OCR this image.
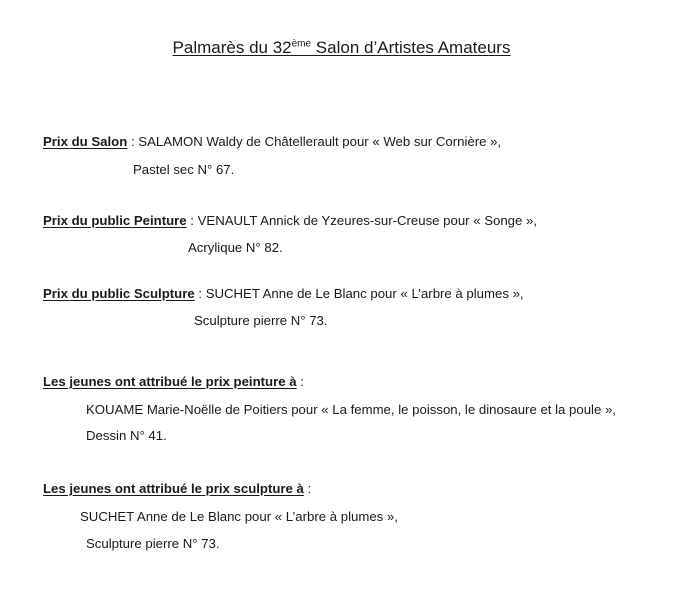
Palmarès du 32ème Salon d’Artistes Amateurs
Prix du Salon : SALAMON Waldy de Châtellerault pour « Web sur Cornière »,
Pastel sec N° 67.
Prix du public Peinture : VENAULT Annick de Yzeures-sur-Creuse pour « Songe »,
Acrylique N° 82.
Prix du public Sculpture : SUCHET Anne de Le Blanc pour « L’arbre à plumes »,
Sculpture pierre N° 73.
Les jeunes ont attribué le prix peinture à :
KOUAME Marie-Noëlle de Poitiers pour « La femme, le poisson, le dinosaure et la poule »,
Dessin N° 41.
Les jeunes ont attribué le prix sculpture à :
SUCHET Anne de Le Blanc pour « L’arbre à plumes »,
Sculpture pierre N° 73.
